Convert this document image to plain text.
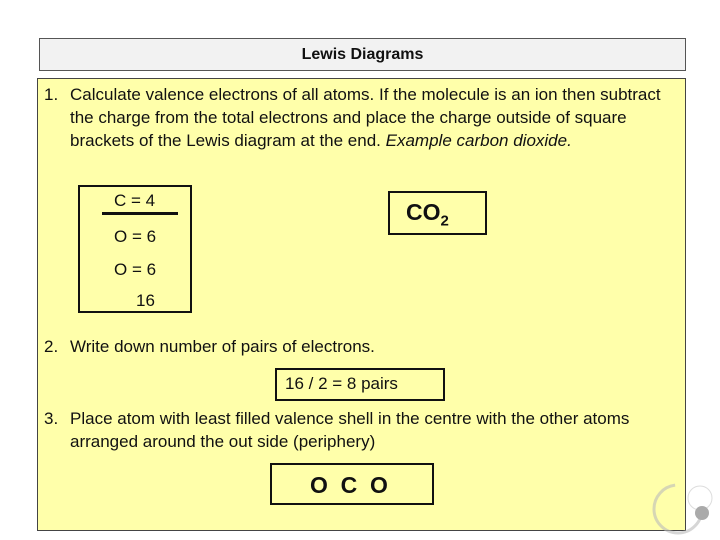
Lewis Diagrams
1. Calculate valence electrons of all atoms. If the molecule is an ion then subtract the charge from the total electrons and place the charge outside of square brackets of the Lewis diagram at the end. Example carbon dioxide.
C = 4
O = 6
O = 6
16
$CO_2$
2. Write down number of pairs of electrons.
16 / 2 = 8 pairs
3. Place atom with least filled valence shell in the centre with the other atoms arranged around the out side (periphery)
O  C  O
